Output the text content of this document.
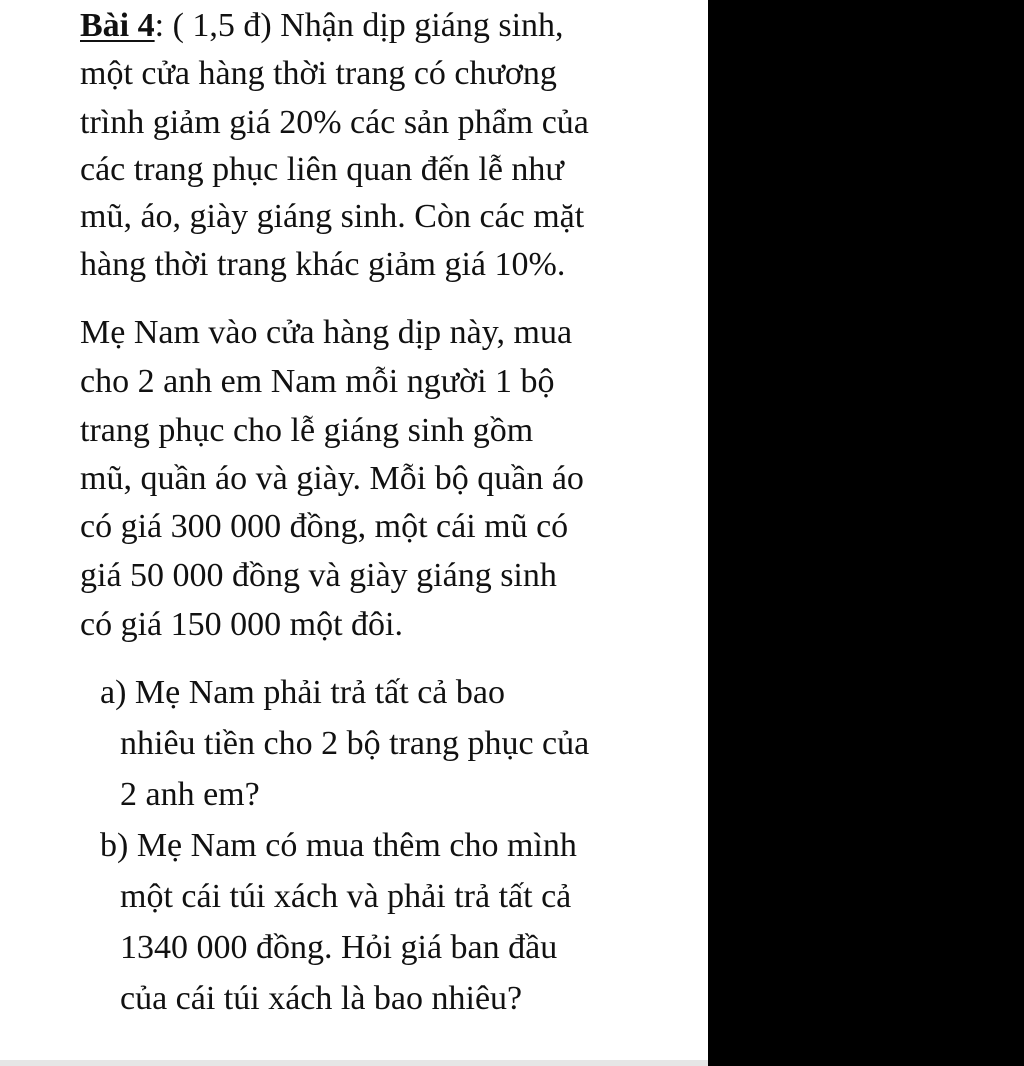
Bài 4: ( 1,5 đ) Nhận dịp giáng sinh,
một cửa hàng thời trang có chương
trình giảm giá 20% các sản phẩm của
các trang phục liên quan đến lễ như
mũ, áo, giày giáng sinh. Còn các mặt
hàng thời trang khác giảm giá 10%.
Mẹ Nam vào cửa hàng dịp này, mua
cho 2 anh em Nam mỗi người 1 bộ
trang phục cho lễ giáng sinh gồm
mũ, quần áo và giày. Mỗi bộ quần áo
có giá 300 000 đồng, một cái mũ có
giá 50 000 đồng và giày giáng sinh
có giá 150 000 một đôi.
a) Mẹ Nam phải trả tất cả bao
nhiêu tiền cho 2 bộ trang phục của
2 anh em?
b) Mẹ Nam có mua thêm cho mình
một cái túi xách và phải trả tất cả
1340 000 đồng. Hỏi giá ban đầu
của cái túi xách là bao nhiêu?
